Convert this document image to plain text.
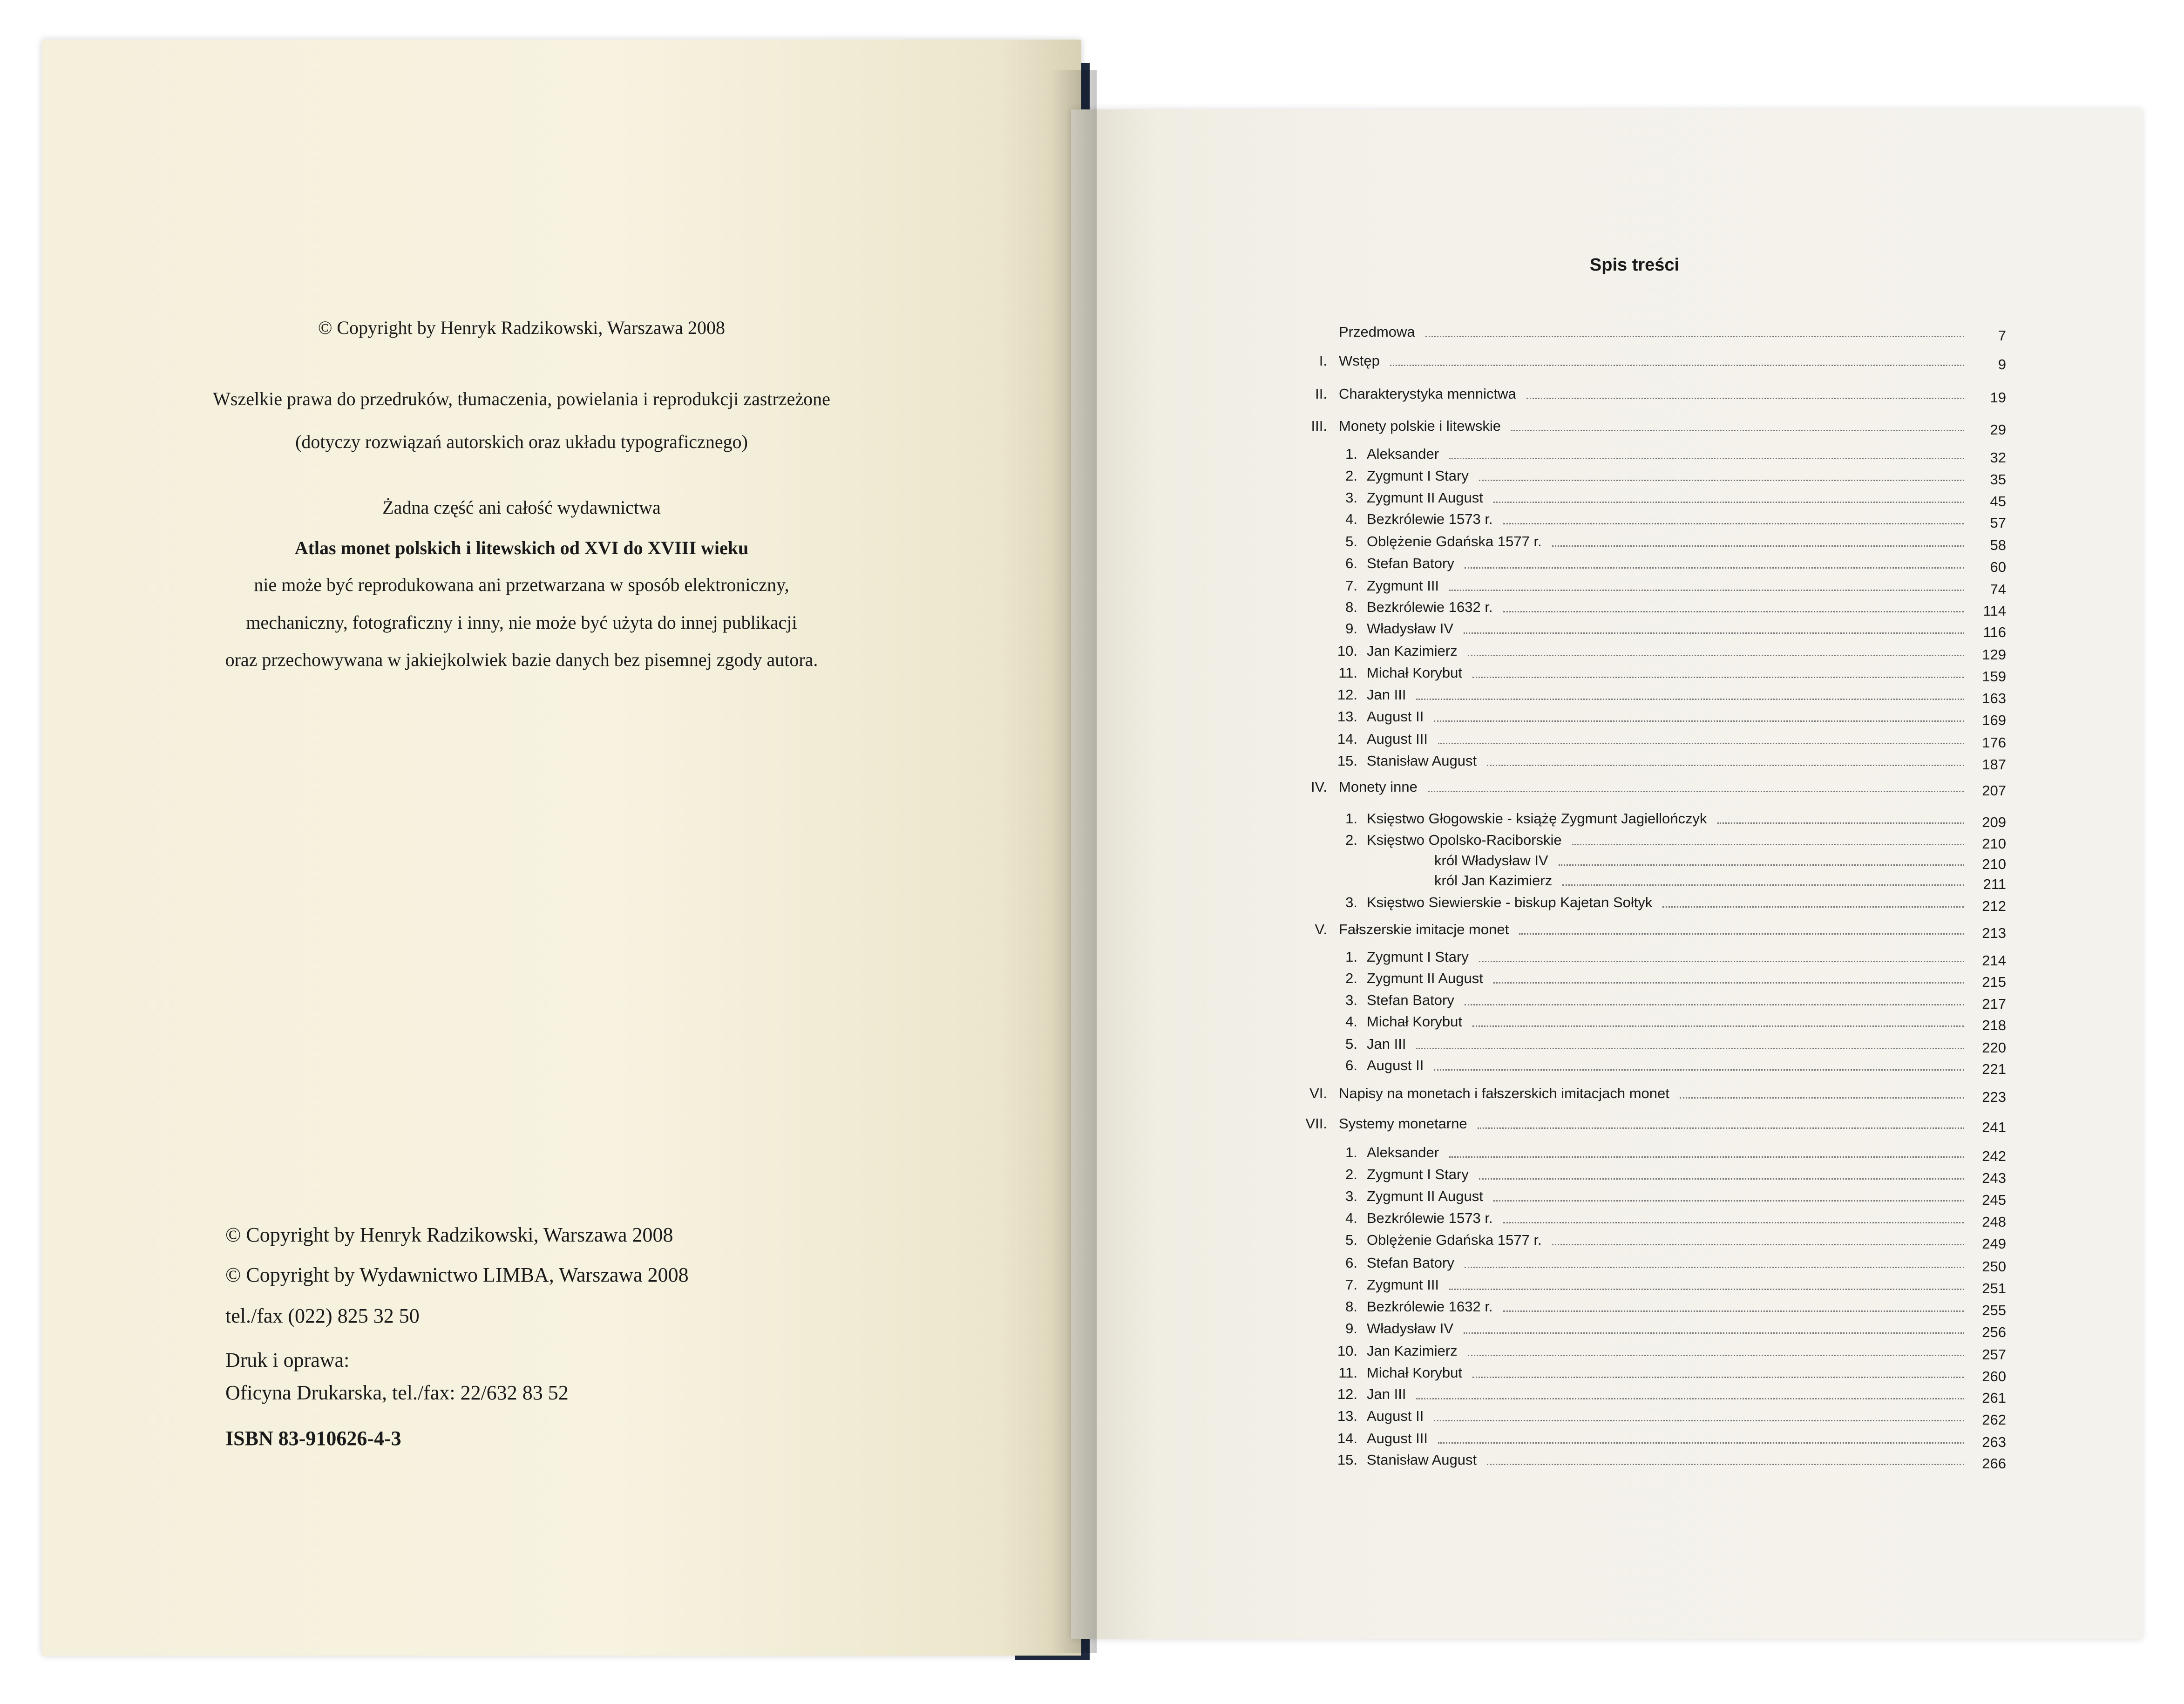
© Copyright by Henryk Radzikowski, Warszawa 2008
Wszelkie prawa do przedruków, tłumaczenia, powielania i reprodukcji zastrzeżone
(dotyczy rozwiązań autorskich oraz układu typograficznego)
Żadna część ani całość wydawnictwa
Atlas monet polskich i litewskich od XVI do XVIII wieku
nie może być reprodukowana ani przetwarzana w sposób elektroniczny,
mechaniczny, fotograficzny i inny, nie może być użyta do innej publikacji
oraz przechowywana w jakiejkolwiek bazie danych bez pisemnej zgody autora.
© Copyright by Henryk Radzikowski, Warszawa 2008
© Copyright by Wydawnictwo LIMBA, Warszawa 2008
tel./fax (022) 825 32 50
Druk i oprawa:
Oficyna Drukarska, tel./fax: 22/632 83 52
ISBN 83-910626-4-3
Spis treści
Przedmowa	7
I. Wstęp	9
II. Charakterystyka mennictwa	19
III. Monety polskie i litewskie	29
1. Aleksander	32
2. Zygmunt I Stary	35
3. Zygmunt II August	45
4. Bezkrólewie 1573 r.	57
5. Oblężenie Gdańska 1577 r.	58
6. Stefan Batory	60
7. Zygmunt III	74
8. Bezkrólewie 1632 r.	114
9. Władysław IV	116
10. Jan Kazimierz	129
11. Michał Korybut	159
12. Jan III	163
13. August II	169
14. August III	176
15. Stanisław August	187
IV. Monety inne	207
1. Księstwo Głogowskie - książę Zygmunt Jagiellończyk	209
2. Księstwo Opolsko-Raciborskie	210
król Władysław IV	210
król Jan Kazimierz	211
3. Księstwo Siewierskie - biskup Kajetan Sołtyk	212
V. Fałszerskie imitacje monet	213
1. Zygmunt I Stary	214
2. Zygmunt II August	215
3. Stefan Batory	217
4. Michał Korybut	218
5. Jan III	220
6. August II	221
VI. Napisy na monetach i fałszerskich imitacjach monet	223
VII. Systemy monetarne	241
1. Aleksander	242
2. Zygmunt I Stary	243
3. Zygmunt II August	245
4. Bezkrólewie 1573 r.	248
5. Oblężenie Gdańska 1577 r.	249
6. Stefan Batory	250
7. Zygmunt III	251
8. Bezkrólewie 1632 r.	255
9. Władysław IV	256
10. Jan Kazimierz	257
11. Michał Korybut	260
12. Jan III	261
13. August II	262
14. August III	263
15. Stanisław August	266
